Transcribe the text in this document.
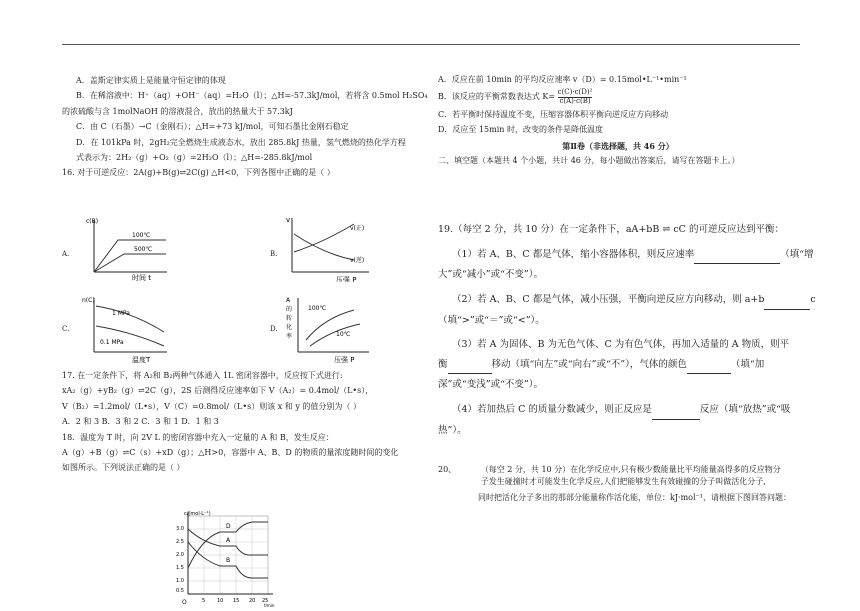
A．盖斯定律实质上是能量守恒定律的体现

B．在稀溶液中：H⁺（aq）+OH⁻（aq）=H₂O（l）；△H=-57.3kJ/mol，若将含 0.5mol H₂SO₄

的浓硫酸与含 1molNaOH 的溶液混合，放出的热量大于 57.3kJ

C．由 C（石墨）→C（金刚石）；△H=+73 kJ/mol，可知石墨比金刚石稳定

D．在 101kPa 时，2gH₂完全燃烧生成液态水，放出 285.8kJ 热量，氢气燃烧的热化学方程

式表示为：2H₂（g）+O₂（g）=2H₂O（l）；△H=-285.8kJ/mol

16. 对于可逆反应：2A(g)+B(g)⇌2C(g) △H<0，下列各图中正确的是（ ）

A.
c(B)
时间 t
100℃
500℃
B.
v
压强 P
v(正)
v(逆)
C.
n(C)
温度T
1 MPa
0.1 MPa
D.
A
的
转
化
率
压强 P
100℃
10℃

17. 在一定条件下，将 A₂和 B₂两种气体通入 1L 密闭容器中，反应按下式进行:

xA₂（g）+yB₂（g）⇌2C（g），2S 后测得反应速率如下 V（A₂）= 0.4mol/（L•s），

V（B₂）=1.2mol/（L•s），V（C）=0.8mol/（L•s）则该 x 和 y 的值分别为（ ）

A．2 和 3 B．3 和 2 C．3 和 1 D．1 和 3

18．温度为 T 时，向 2V L 的密闭容器中充入一定量的 A 和 B，发生反应：

A（g）+B（g）⇌C（s）+xD（g）；△H>0，容器中 A、B、D 的物质的量浓度随时间的变化

如图所示。下列说法正确的是（ ）

c/(mol·L⁻¹)
3.0
2.5
2.0
1.5
1.0
0.5
O	5 10 15 20 25
t/min
D
A
B

A．反应在前 10min 的平均反应速率 v（D）= 0.15mol•L⁻¹•min⁻¹

B．该反应的平衡常数表达式 $K= \frac{\text{c(C)·c(D)²}}{c(A)\cdot c(B)}$

C．若平衡时保持温度不变，压缩容器体积平衡向逆反应方向移动

D．反应至 15min 时，改变的条件是降低温度

第Ⅱ卷（非选择题，共 46 分）

二、填空题（本题共 4 个小题，共计 46 分，每小题做出答案后，请写在答题卡上。）

19.（每空 2 分，共 10 分）在一定条件下，aA+bB ⇌ cC 的可逆反应达到平衡：

（1）若 A、B、C 都是气体，缩小容器体积，则反应速率	（填“增

大”或“减小”或“不变”）。

（2）若 A、B、C 都是气体，减小压强，平衡向逆反应方向移动，则 a+b	c

（填“>”或“＝”或“<”）。

（3）若 A 为固体、B 为无色气体、C 为有色气体，再加入适量的 A 物质，则平

衡	移动（填“向左”或“向右”或“不”），气体的颜色	（填“加

深”或“变浅”或“不变”）。

（4）若加热后 C 的质量分数减少，则正反应是	反应（填“放热”或“吸

热”）。

20、	（每空 2 分，共 10 分）在化学反应中,只有极少数能量比平均能量高得多的反应物分子发生碰撞时才可能发生化学反应,人们把能够发生有效碰撞的分子叫做活化分子,

同时把活化分子多出的那部分能量称作活化能，单位：kJ·mol⁻¹，请根据下图回答问题：
